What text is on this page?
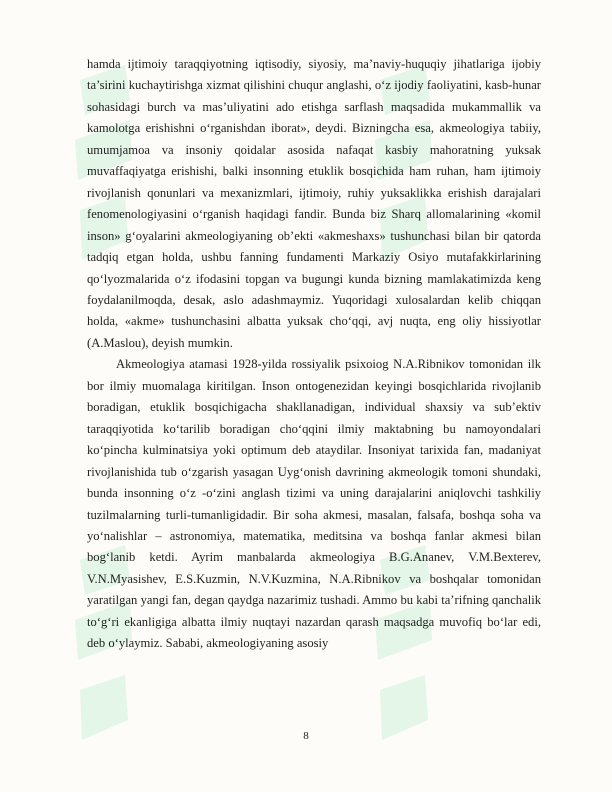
hamda ijtimoiy taraqqiyotning iqtisodiy, siyosiy, ma’naviy-huquqiy jihatlariga ijobiy ta’sirini kuchaytirishga xizmat qilishini chuqur anglashi, o‘z ijodiy faoliyatini, kasb-hunar sohasidagi burch va mas’uliyatini ado etishga sarflash maqsadida mukammallik va kamolotga erishishni o‘rganishdan iborat», deydi. Bizningcha esa, akmeologiya tabiiy, umumjamoa va insoniy qoidalar asosida nafaqat kasbiy mahoratning yuksak muvaffaqiyatga erishishi, balki insonning etuklik bosqichida ham ruhan, ham ijtimoiy rivojlanish qonunlari va mexanizmlari, ijtimoiy, ruhiy yuksaklikka erishish darajalari fenomenologiyasini o‘rganish haqidagi fandir. Bunda biz Sharq allomalarining «komil inson» g‘oyalarini akmeologiyaning ob’ekti «akmeshaxs» tushunchasi bilan bir qatorda tadqiq etgan holda, ushbu fanning fundamenti Markaziy Osiyo mutafakkirlarining qo‘lyozmalarida o‘z ifodasini topgan va bugungi kunda bizning mamlakatimizda keng foydalanilmoqda, desak, aslo adashmaymiz. Yuqoridagi xulosalardan kelib chiqqan holda, «akme» tushunchasini albatta yuksak cho‘qqi, avj nuqta, eng oliy hissiyotlar (A.Maslou), deyish mumkin.

Akmeologiya atamasi 1928-yilda rossiyalik psixoiog N.A.Ribnikov tomonidan ilk bor ilmiy muomalaga kiritilgan. Inson ontogenezidan keyingi bosqichlarida rivojlanib boradigan, etuklik bosqichigacha shakllanadigan, individual shaxsiy va sub’ektiv taraqqiyotida ko‘tarilib boradigan cho‘qqini ilmiy maktabning bu namoyondalari ko‘pincha kulminatsiya yoki optimum deb ataydilar. Insoniyat tarixida fan, madaniyat rivojlanishida tub o‘zgarish yasagan Uyg‘onish davrining akmeologik tomoni shundaki, bunda insonning o‘z -o‘zini anglash tizimi va uning darajalarini aniqlovchi tashkiliy tuzilmalarning turli-tumanligidadir. Bir soha akmesi, masalan, falsafa, boshqa soha va yo‘nalishlar – astronomiya, matematika, meditsina va boshqa fanlar akmesi bilan bog‘lanib ketdi. Ayrim manbalarda akmeologiya B.G.Ananev, V.M.Bexterev, V.N.Myasishev, E.S.Kuzmin, N.V.Kuzmina, N.A.Ribnikov va boshqalar tomonidan yaratilgan yangi fan, degan qaydga nazarimiz tushadi. Ammo bu kabi ta’rifning qanchalik to‘g‘ri ekanligiga albatta ilmiy nuqtayi nazardan qarash maqsadga muvofiq bo‘lar edi, deb o‘ylaymiz. Sababi, akmeologiyaning asosiy

8
